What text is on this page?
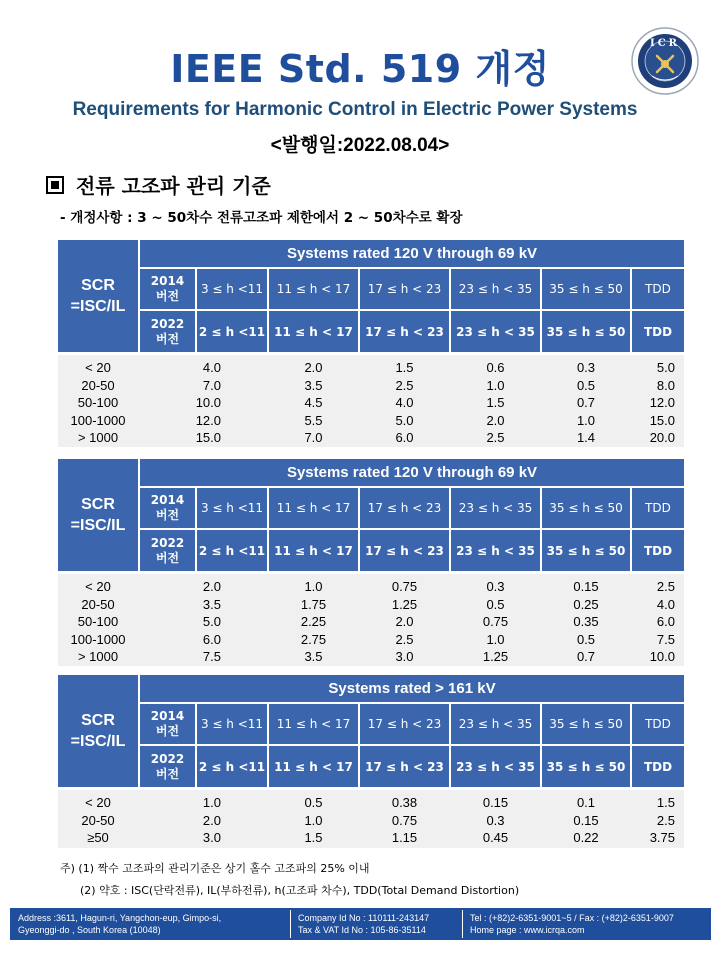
IEEE Std. 519 개정
Requirements for Harmonic Control in Electric Power Systems
<발행일:2022.08.04>
ICR
전류 고조파 관리 기준
- 개정사항 : 3 ~ 50차수 전류고조파 제한에서 2 ~ 50차수로 확장
Systems rated 120 V through 69 kV
SCR
=ISC/IL
2014
버전
2022
버전
3 ≤ h <11
2 ≤ h <11
11 ≤ h < 17
11 ≤ h < 17
17 ≤ h < 23
17 ≤ h < 23
23 ≤ h < 35
23 ≤ h < 35
35 ≤ h ≤ 50
35 ≤ h ≤ 50
TDD
TDD
< 20
20-50
50-100
100-1000
> 1000
4.0
7.0
10.0
12.0
15.0
2.0
3.5
4.5
5.5
7.0
1.5
2.5
4.0
5.0
6.0
0.6
1.0
1.5
2.0
2.5
0.3
0.5
0.7
1.0
1.4
5.0
8.0
12.0
15.0
20.0
Systems rated 120 V through 69 kV
SCR
=ISC/IL
2014
버전
2022
버전
3 ≤ h <11
2 ≤ h <11
11 ≤ h < 17
11 ≤ h < 17
17 ≤ h < 23
17 ≤ h < 23
23 ≤ h < 35
23 ≤ h < 35
35 ≤ h ≤ 50
35 ≤ h ≤ 50
TDD
TDD
< 20
20-50
50-100
100-1000
> 1000
2.0
3.5
5.0
6.0
7.5
1.0
1.75
2.25
2.75
3.5
0.75
1.25
2.0
2.5
3.0
0.3
0.5
0.75
1.0
1.25
0.15
0.25
0.35
0.5
0.7
2.5
4.0
6.0
7.5
10.0
Systems rated > 161 kV
SCR
=ISC/IL
2014
버전
2022
버전
3 ≤ h <11
2 ≤ h <11
11 ≤ h < 17
11 ≤ h < 17
17 ≤ h < 23
17 ≤ h < 23
23 ≤ h < 35
23 ≤ h < 35
35 ≤ h ≤ 50
35 ≤ h ≤ 50
TDD
TDD
< 20
20-50
≥50
1.0
2.0
3.0
0.5
1.0
1.5
0.38
0.75
1.15
0.15
0.3
0.45
0.1
0.15
0.22
1.5
2.5
3.75
주) (1) 짝수 고조파의 관리기준은 상기 홀수 고조파의 25% 이내
(2) 약호 : ISC(단락전류), IL(부하전류), h(고조파 차수), TDD(Total Demand Distortion)
Address :3611, Hagun-ri, Yangchon-eup, Gimpo-si,
Gyeonggi-do , South Korea (10048)
Company Id No : 110111-243147
Tax & VAT Id No : 105-86-35114
Tel : (+82)2-6351-9001~5 / Fax : (+82)2-6351-9007
Home page : www.icrqa.com
